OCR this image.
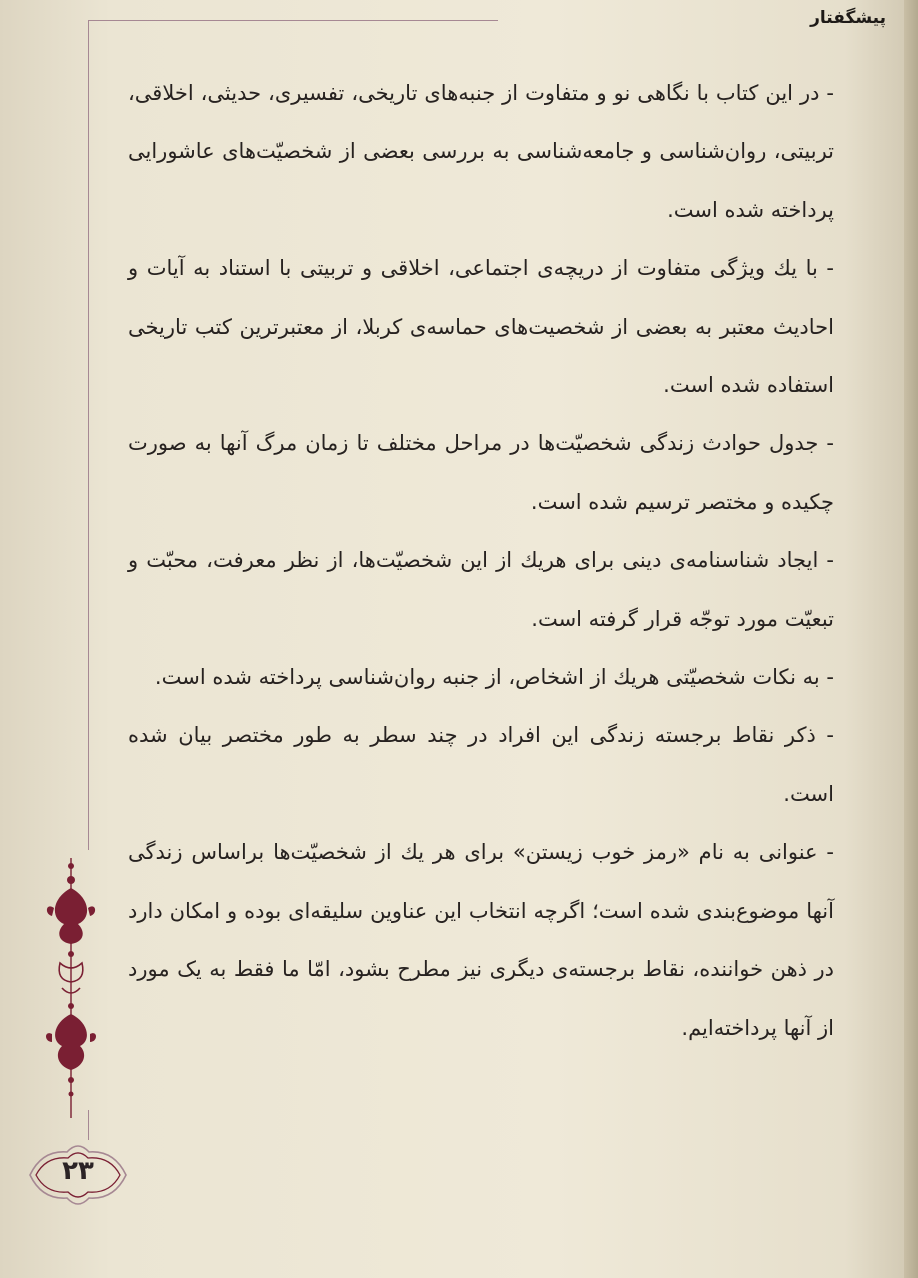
پیشگفتار

- در این کتاب با نگاهی نو و متفاوت از جنبه‌های تاریخی، تفسیری، حدیثی، اخلاقی، تربیتی، روان‌شناسی و جامعه‌شناسی به بررسی بعضی از شخصیّت‌های عاشورایی پرداخته شده است.

- با یك ویژگی متفاوت از دریچه‌ی اجتماعی، اخلاقی و تربیتی با استناد به آیات و احادیث معتبر به بعضی از شخصیت‌های حماسه‌ی کربلا، از معتبرترین کتب تاریخی استفاده شده است.

- جدول حوادث زندگی شخصیّت‌ها در مراحل مختلف تا زمان مرگ آنها به صورت چکیده و مختصر ترسیم شده است.

- ایجاد شناسنامه‌ی دینی برای هریك از این شخصیّت‌ها، از نظر معرفت، محبّت و تبعیّت مورد توجّه قرار گرفته است.

- به نکات شخصیّتی هریك از اشخاص، از جنبه روان‌شناسی پرداخته شده است.

- ذکر نقاط برجسته زندگی این افراد در چند سطر به طور مختصر بیان شده است.

- عنوانی به نام «رمز خوب زیستن» برای هر یك از شخصیّت‌ها براساس زندگی آنها موضوع‌بندی شده است؛ اگرچه انتخاب این عناوین سلیقه‌ای بوده و امکان دارد در ذهن خواننده، نقاط برجسته‌ی دیگری نیز مطرح بشود، امّا ما فقط به یک مورد از آنها پرداخته‌ایم.

۲۳
